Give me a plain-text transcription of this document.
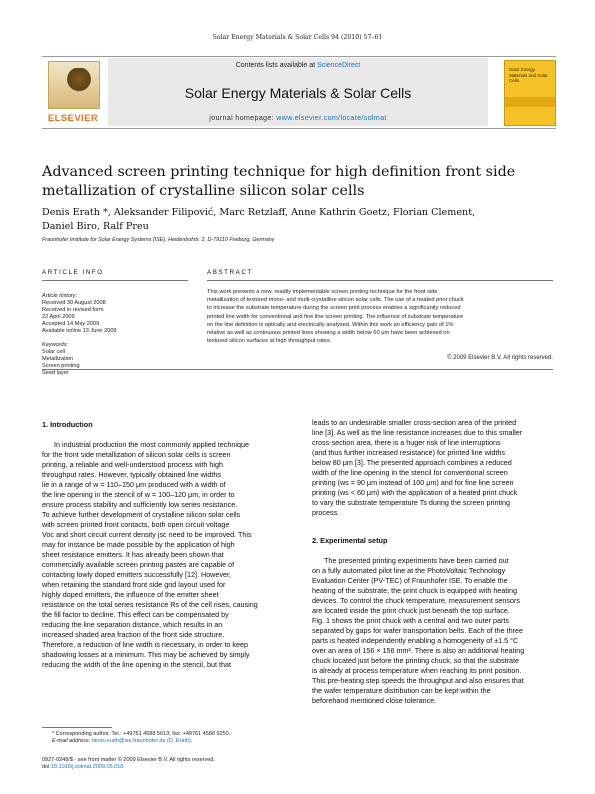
Solar Energy Materials & Solar Cells 94 (2010) 57–61
ELSEVIER
Contents lists available at ScienceDirect
Solar Energy Materials & Solar Cells
journal homepage: www.elsevier.com/locate/solmat
Solar Energy Materials and Solar Cells
Advanced screen printing technique for high definition front side
metallization of crystalline silicon solar cells
Denis Erath *, Aleksander Filipović, Marc Retzlaff, Anne Kathrin Goetz, Florian Clement,
Daniel Biro, Ralf Preu
Fraunhofer Institute for Solar Energy Systems (ISE), Heidenhofstr. 2, D-79110 Freiburg, Germany
ARTICLE INFO	ABSTRACT
Article history:
Received 30 August 2008
Received in revised form
22 April 2009
Accepted 14 May 2009
Available online 13 June 2009
Keywords:
Solar cell
Metallization
Screen printing
Seed layer
This work presents a new, readily implementable screen printing technique for the front side
metallization of textured mono- and multi-crystalline silicon solar cells. The use of a heated print chuck
to increase the substrate temperature during the screen print process enables a significantly reduced
printed line width for conventional and fine line screen printing. The influence of substrate temperature
on the line definition is optically and electrically analysed. Within this work an efficiency gain of 1%
relative as well as continuous printed lines showing a width below 60 μm have been achieved on
textured silicon surfaces at high throughput rates.
© 2009 Elsevier B.V. All rights reserved.
1. Introduction
In industrial production the most commonly applied technique
for the front side metallization of silicon solar cells is screen
printing, a reliable and well-understood process with high
throughput rates. However, typically obtained line widths
lie in a range of w = 110–150 μm produced with a width of
the line opening in the stencil of w = 100–120 μm, in order to
ensure process stability and sufficiently low series resistance.
To achieve further development of crystalline silicon solar cells
with screen printed front contacts, both open circuit voltage
Voc and short circuit current density jsc need to be improved. This
may for instance be made possible by the application of high
sheet resistance emitters. It has already been shown that
commercially available screen printing pastes are capable of
contacting lowly doped emitters successfully [12]. However,
when retaining the standard front side grid layout used for
highly doped emitters, the influence of the emitter sheet
resistance on the total series resistance Rs of the cell rises, causing
the fill factor to decline. This effect can be compensated by
reducing the line separation distance, which results in an
increased shaded area fraction of the front side structure.
Therefore, a reduction of line width is necessary, in order to keep
shadowing losses at a minimum. This may be achieved by simply
reducing the width of the line opening in the stencil, but that
leads to an undesirable smaller cross-section area of the printed
line [3]. As well as the line resistance increases due to this smaller
cross-section area, there is a huger risk of line interruptions
(and thus further increased resistance) for printed line widths
below 80 μm [3]. The presented approach combines a reduced
width of the line opening in the stencil for conventional screen
printing (ws = 90 μm instead of 100 μm) and for fine line screen
printing (ws < 60 μm) with the application of a heated print chuck
to vary the substrate temperature Ts during the screen printing
process.
2. Experimental setup
The presented printing experiments have been carried out
on a fully automated pilot line at the PhotoVoltaic Technology
Evaluation Center (PV-TEC) of Fraunhofer ISE. To enable the
heating of the substrate, the print chuck is equipped with heating
devices. To control the chuck temperature, measurement sensors
are located inside the print chuck just beneath the top surface.
Fig. 1 shows the print chuck with a central and two outer parts
separated by gaps for wafer transportation belts. Each of the three
parts is heated independently enabling a homogeneity of ±1.5 °C
over an area of 156 × 156 mm². There is also an additional heating
chuck located just before the printing chuck, so that the substrate
is already at process temperature when reaching its print position.
This pre-heating step speeds the throughput and also ensures that
the wafer temperature distribution can be kept within the
beforehand mentioned close tolerance.
* Corresponding author. Tel.: +49761 4588 5613; fax: +49761 4588 9250.
E-mail address: denis.erath@ise.fraunhofer.de (D. Erath).
0927-0248/$ - see front matter © 2009 Elsevier B.V. All rights reserved.
doi:10.1016/j.solmat.2009.05.018
